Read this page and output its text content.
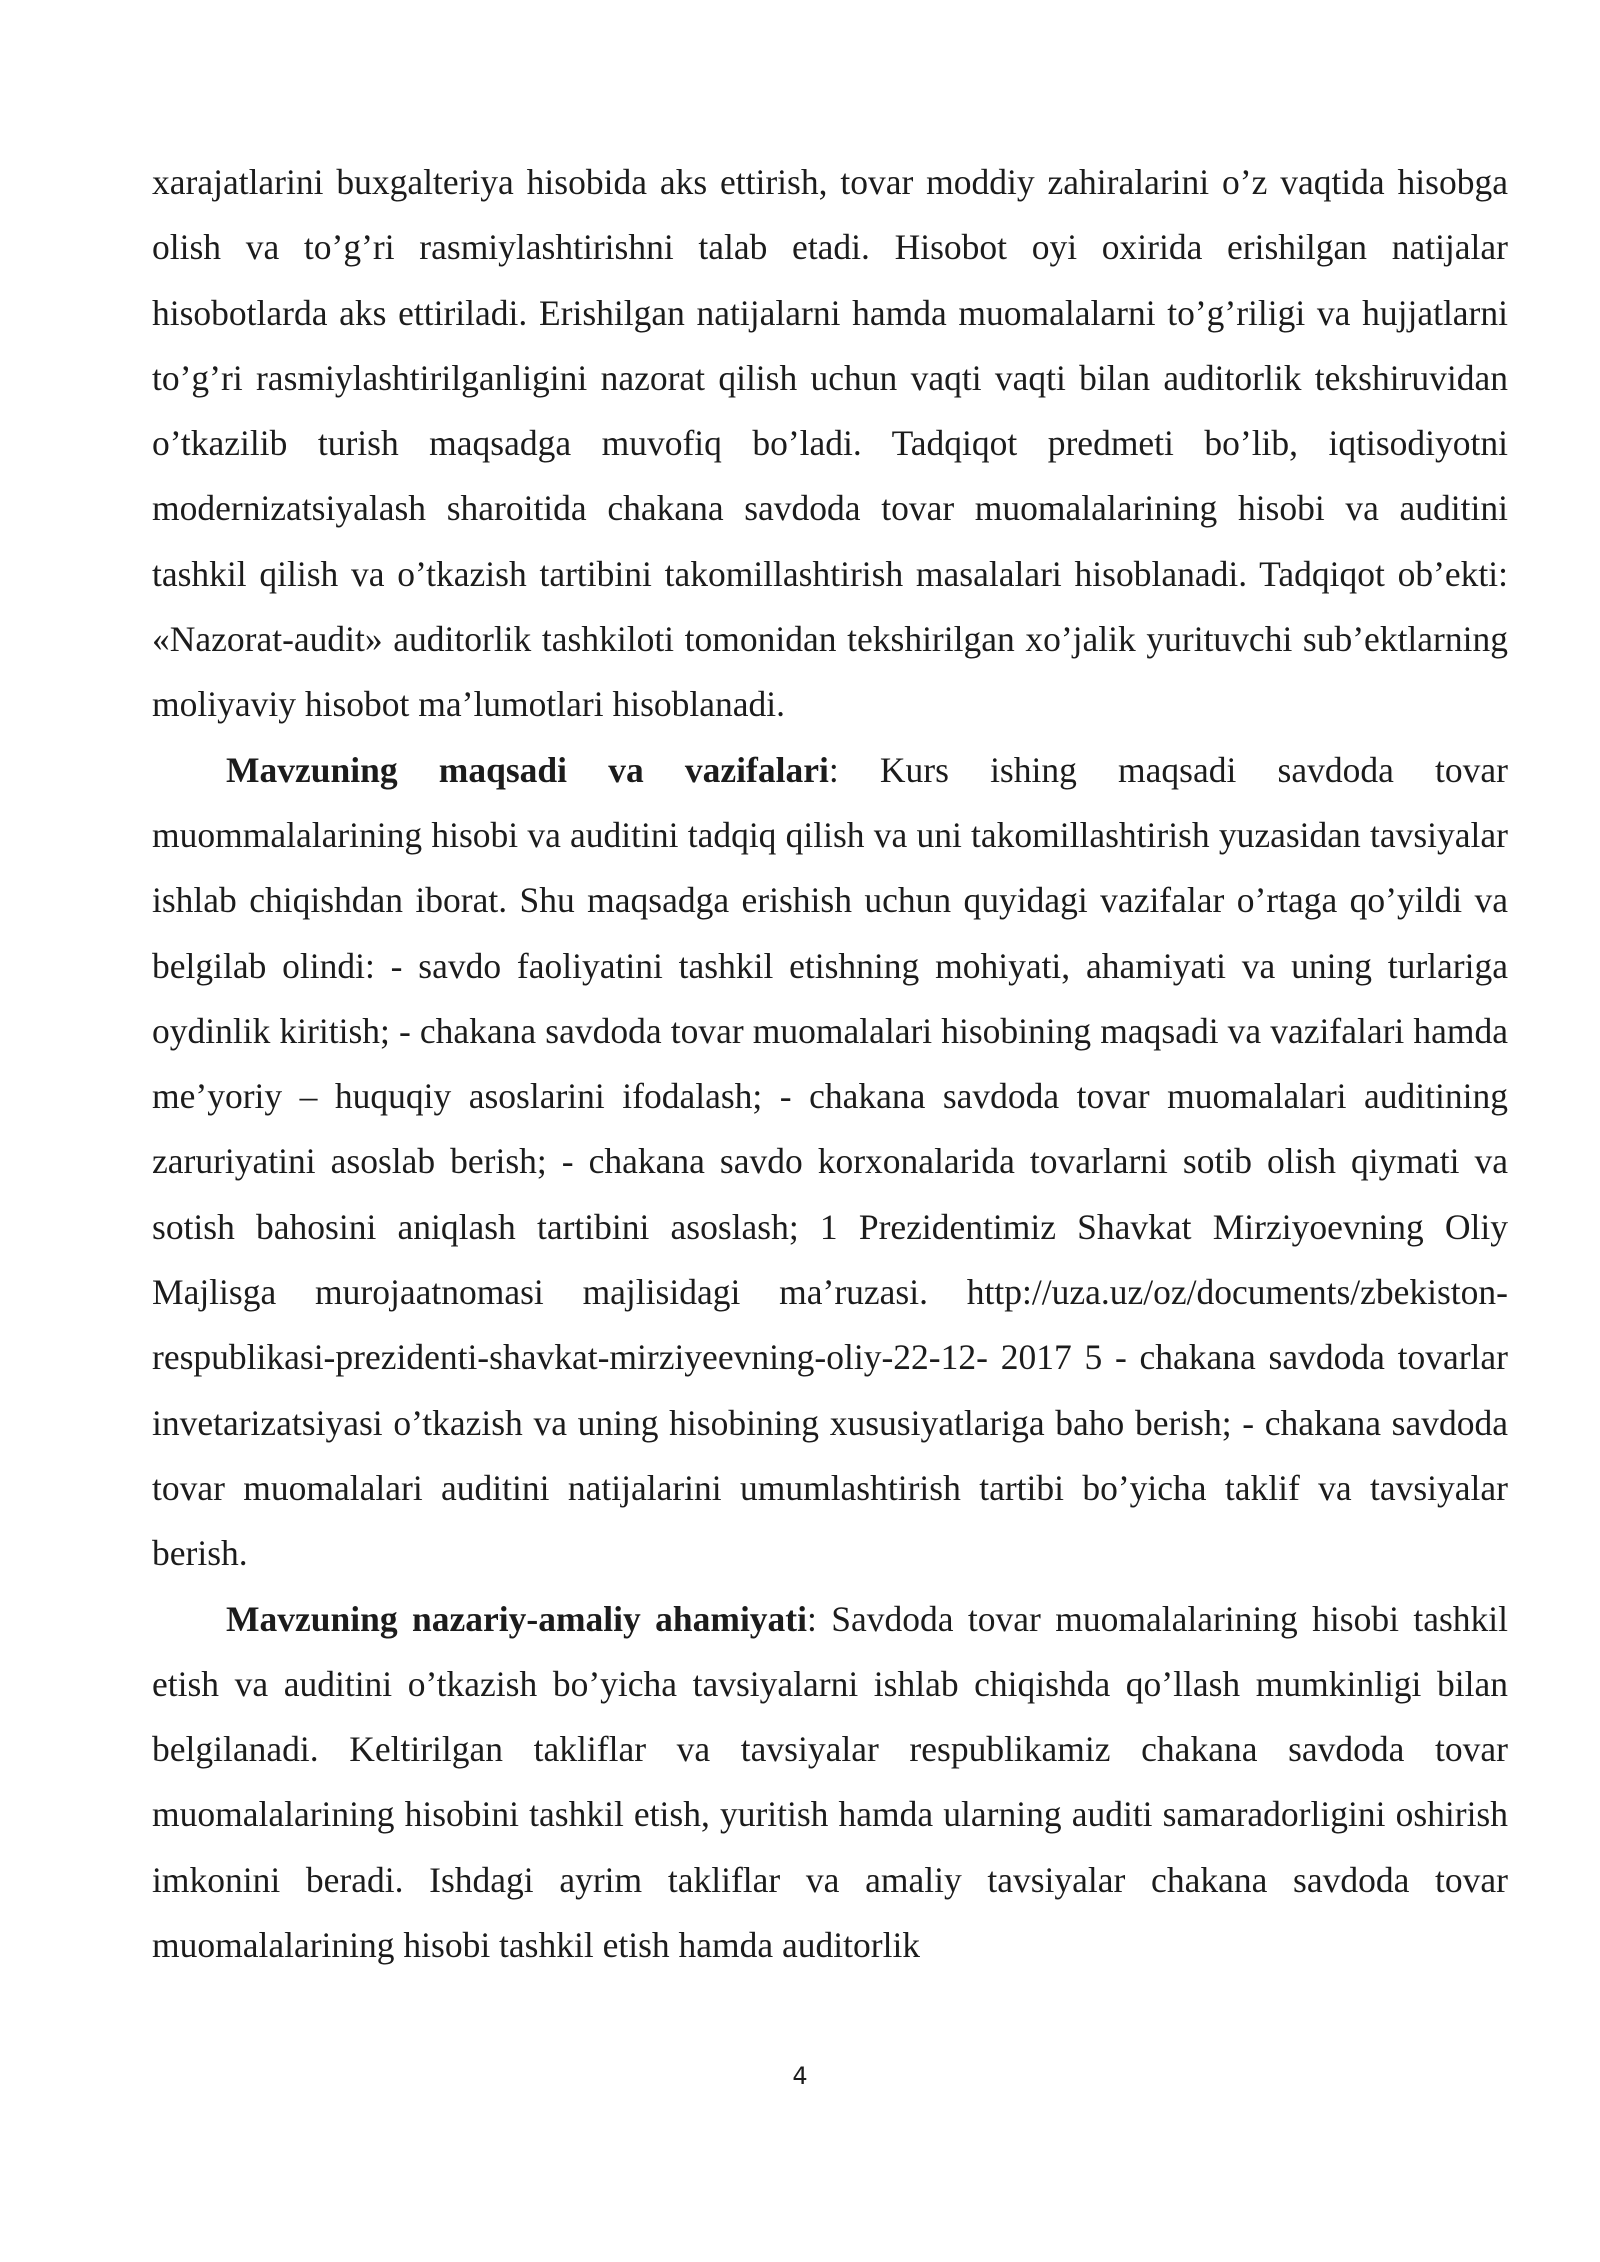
xarajatlarini buxgalteriya hisobida aks ettirish, tovar moddiy zahiralarini o’z vaqtida hisobga olish va to’g’ri rasmiylashtirishni talab etadi. Hisobot oyi oxirida erishilgan natijalar hisobotlarda aks ettiriladi. Erishilgan natijalarni hamda muomalalarni to’g’riligi va hujjatlarni to’g’ri rasmiylashtirilganligini nazorat qilish uchun vaqti vaqti bilan auditorlik tekshiruvidan o’tkazilib turish maqsadga muvofiq bo’ladi. Tadqiqot predmeti bo’lib, iqtisodiyotni modernizatsiyalash sharoitida chakana savdoda tovar muomalalarining hisobi va auditini tashkil qilish va o’tkazish tartibini takomillashtirish masalalari hisoblanadi. Tadqiqot ob’ekti: «Nazorat-audit» auditorlik tashkiloti tomonidan tekshirilgan xo’jalik yurituvchi sub’ektlarning moliyaviy hisobot ma’lumotlari hisoblanadi.

Mavzuning maqsadi va vazifalari: Kurs ishing maqsadi savdoda tovar muommalalarining hisobi va auditini tadqiq qilish va uni takomillashtirish yuzasidan tavsiyalar ishlab chiqishdan iborat. Shu maqsadga erishish uchun quyidagi vazifalar o’rtaga qo’yildi va belgilab olindi: - savdo faoliyatini tashkil etishning mohiyati, ahamiyati va uning turlariga oydinlik kiritish; - chakana savdoda tovar muomalalari hisobining maqsadi va vazifalari hamda me’yoriy – huquqiy asoslarini ifodalash; - chakana savdoda tovar muomalalari auditining zaruriyatini asoslab berish; - chakana savdo korxonalarida tovarlarni sotib olish qiymati va sotish bahosini aniqlash tartibini asoslash; 1 Prezidentimiz Shavkat Mirziyoevning Oliy Majlisga murojaatnomasi majlisidagi ma’ruzasi. http://uza.uz/oz/documents/zbekiston-respublikasi-prezidenti-shavkat-mirziyeevning-oliy-22-12- 2017 5 - chakana savdoda tovarlar invetarizatsiyasi o’tkazish va uning hisobining xususiyatlariga baho berish; - chakana savdoda tovar muomalalari auditini natijalarini umumlashtirish tartibi bo’yicha taklif va tavsiyalar berish.

Mavzuning nazariy-amaliy ahamiyati: Savdoda tovar muomalalarining hisobi tashkil etish va auditini o’tkazish bo’yicha tavsiyalarni ishlab chiqishda qo’llash mumkinligi bilan belgilanadi. Keltirilgan takliflar va tavsiyalar respublikamiz chakana savdoda tovar muomalalarining hisobini tashkil etish, yuritish hamda ularning auditi samaradorligini oshirish imkonini beradi. Ishdagi ayrim takliflar va amaliy tavsiyalar chakana savdoda tovar muomalalarining hisobi tashkil etish hamda auditorlik

4
